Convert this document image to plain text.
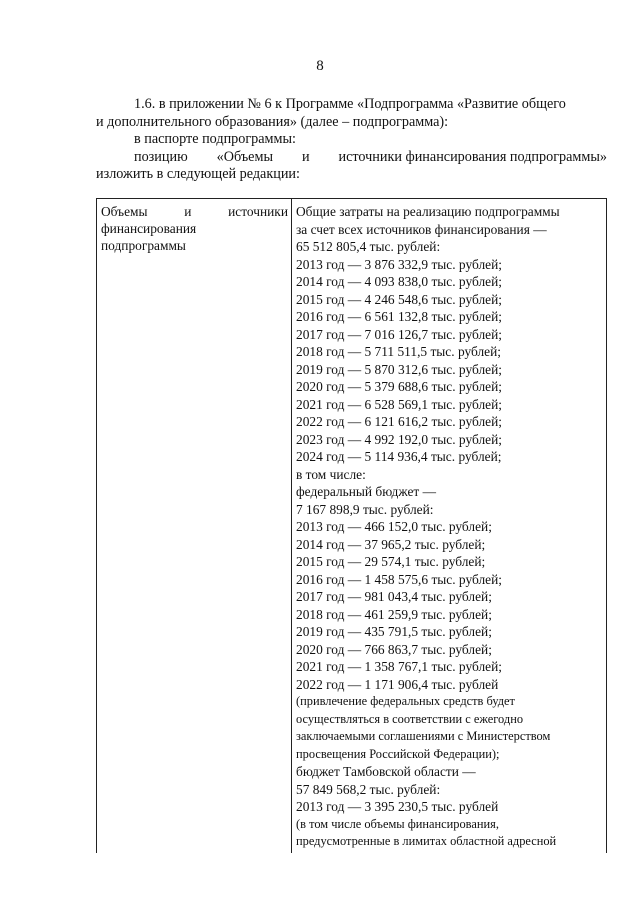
8

1.6. в приложении № 6 к Программе «Подпрограмма «Развитие общего

и дополнительного образования» (далее – подпрограмма):

в паспорте подпрограммы:

позицию «Объемы и источники финансирования подпрограммы»

изложить в следующей редакции:

Объемы	и	источники
финансирования
подпрограммы
Общие затраты на реализацию подпрограммы
за счет всех источников финансирования —
65 512 805,4 тыс. рублей:
2013 год — 3 876 332,9 тыс. рублей;
2014 год — 4 093 838,0 тыс. рублей;
2015 год — 4 246 548,6 тыс. рублей;
2016 год — 6 561 132,8 тыс. рублей;
2017 год — 7 016 126,7 тыс. рублей;
2018 год — 5 711 511,5 тыс. рублей;
2019 год — 5 870 312,6 тыс. рублей;
2020 год — 5 379 688,6 тыс. рублей;
2021 год — 6 528 569,1 тыс. рублей;
2022 год — 6 121 616,2 тыс. рублей;
2023 год — 4 992 192,0 тыс. рублей;
2024 год — 5 114 936,4 тыс. рублей;
в том числе:
федеральный бюджет —
7 167 898,9 тыс. рублей:
2013 год — 466 152,0 тыс. рублей;
2014 год — 37 965,2 тыс. рублей;
2015 год — 29 574,1 тыс. рублей;
2016 год — 1 458 575,6 тыс. рублей;
2017 год — 981 043,4 тыс. рублей;
2018 год — 461 259,9 тыс. рублей;
2019 год — 435 791,5 тыс. рублей;
2020 год — 766 863,7 тыс. рублей;
2021 год — 1 358 767,1 тыс. рублей;
2022 год — 1 171 906,4 тыс. рублей
(привлечение федеральных средств будет
осуществляться в соответствии с ежегодно
заключаемыми соглашениями с Министерством
просвещения Российской Федерации);
бюджет Тамбовской области —
57 849 568,2 тыс. рублей:
2013 год — 3 395 230,5 тыс. рублей
(в том числе объемы финансирования,
предусмотренные в лимитах областной адресной
